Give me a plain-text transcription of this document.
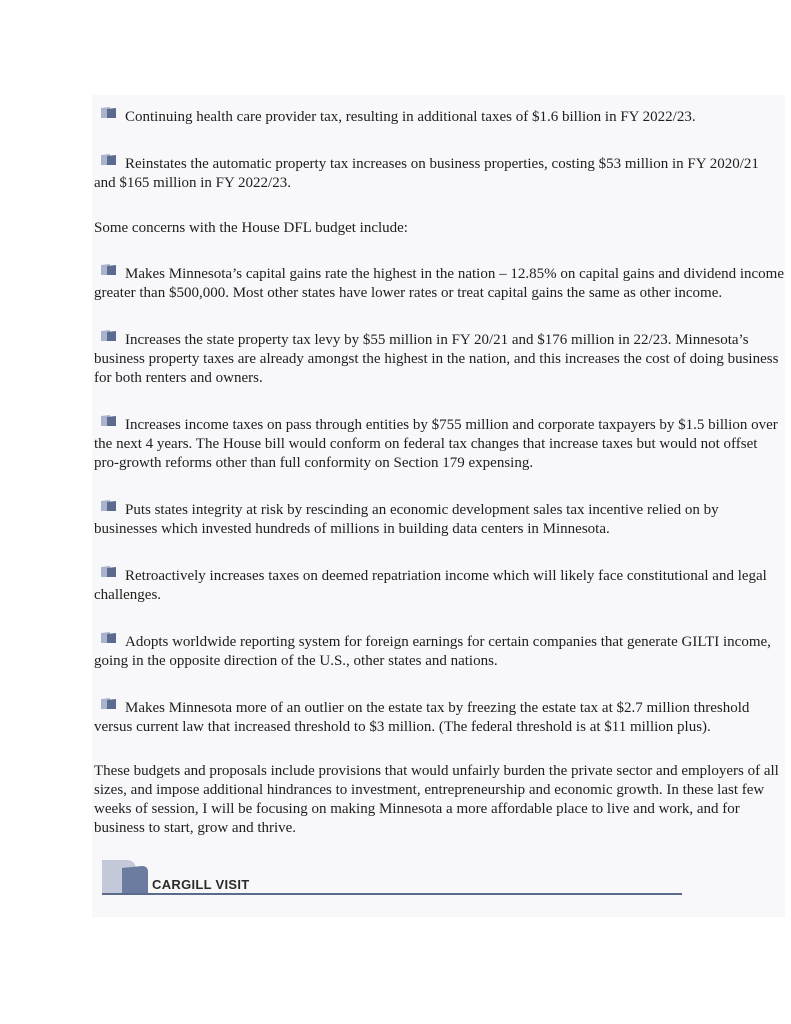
Continuing health care provider tax, resulting in additional taxes of $1.6 billion in FY 2022/23.

Reinstates the automatic property tax increases on business properties, costing $53 million in FY 2020/21 and $165 million in FY 2022/23.

Some concerns with the House DFL budget include:

Makes Minnesota’s capital gains rate the highest in the nation – 12.85% on capital gains and dividend income greater than $500,000. Most other states have lower rates or treat capital gains the same as other income.

Increases the state property tax levy by $55 million in FY 20/21 and $176 million in 22/23. Minnesota’s business property taxes are already amongst the highest in the nation, and this increases the cost of doing business for both renters and owners.

Increases income taxes on pass through entities by $755 million and corporate taxpayers by $1.5 billion over the next 4 years. The House bill would conform on federal tax changes that increase taxes but would not offset pro-growth reforms other than full conformity on Section 179 expensing.

Puts states integrity at risk by rescinding an economic development sales tax incentive relied on by businesses which invested hundreds of millions in building data centers in Minnesota.

Retroactively increases taxes on deemed repatriation income which will likely face constitutional and legal challenges.

Adopts worldwide reporting system for foreign earnings for certain companies that generate GILTI income, going in the opposite direction of the U.S., other states and nations.

Makes Minnesota more of an outlier on the estate tax by freezing the estate tax at $2.7 million threshold versus current law that increased threshold to $3 million. (The federal threshold is at $11 million plus).

These budgets and proposals include provisions that would unfairly burden the private sector and employers of all sizes, and impose additional hindrances to investment, entrepreneurship and economic growth. In these last few weeks of session, I will be focusing on making Minnesota a more affordable place to live and work, and for business to start, grow and thrive.

CARGILL VISIT
